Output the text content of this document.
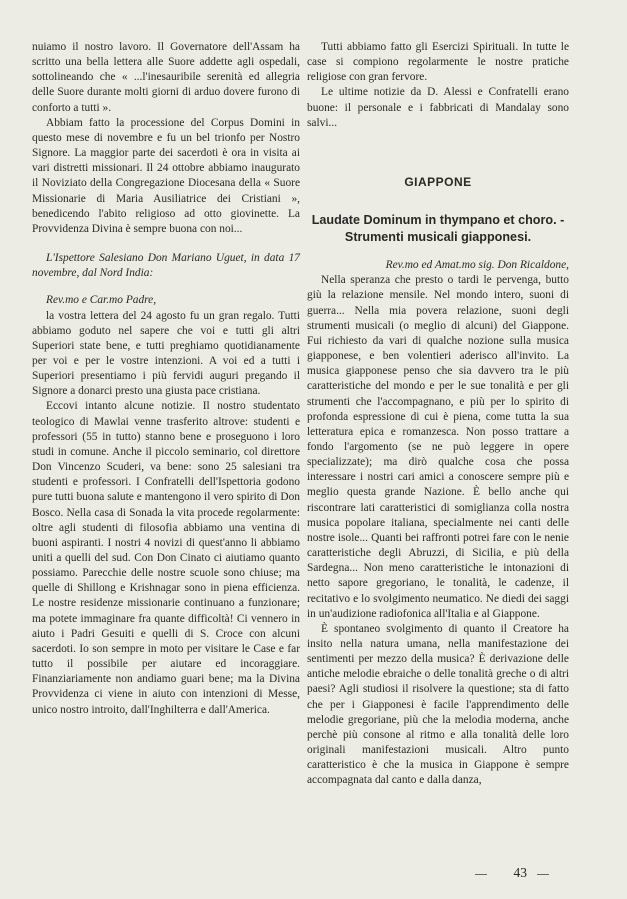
nuiamo il nostro lavoro. Il Governatore dell'Assam ha scritto una bella lettera alle Suore addette agli ospedali, sottolineando che « ...l'inesauribile serenità ed allegria delle Suore durante molti giorni di arduo dovere furono di conforto a tutti ».

Abbiam fatto la processione del Corpus Domini in questo mese di novembre e fu un bel trionfo per Nostro Signore. La maggior parte dei sacerdoti è ora in visita ai vari distretti missionari. Il 24 ottobre abbiamo inaugurato il Noviziato della Congregazione Diocesana della « Suore Missionarie di Maria Ausiliatrice dei Cristiani », benedicendo l'abito religioso ad otto giovinette. La Provvidenza Divina è sempre buona con noi...

L'Ispettore Salesiano Don Mariano Uguet, in data 17 novembre, dal Nord India:

Rev.mo e Car.mo Padre,

la vostra lettera del 24 agosto fu un gran regalo. Tutti abbiamo goduto nel sapere che voi e tutti gli altri Superiori state bene, e tutti preghiamo quotidianamente per voi e per le vostre intenzioni. A voi ed a tutti i Superiori presentiamo i più fervidi auguri pregando il Signore a donarci presto una giusta pace cristiana.

Eccovi intanto alcune notizie. Il nostro studentato teologico di Mawlai venne trasferito altrove: studenti e professori (55 in tutto) stanno bene e proseguono i loro studi in comune. Anche il piccolo seminario, col direttore Don Vincenzo Scuderi, va bene: sono 25 salesiani tra studenti e professori. I Confratelli dell'Ispettoria godono pure tutti buona salute e mantengono il vero spirito di Don Bosco. Nella casa di Sonada la vita procede regolarmente: oltre agli studenti di filosofia abbiamo una ventina di buoni aspiranti. I nostri 4 novizi di quest'anno li abbiamo uniti a quelli del sud. Con Don Cinato ci aiutiamo quanto possiamo. Parecchie delle nostre scuole sono chiuse; ma quelle di Shillong e Krishnagar sono in piena efficienza. Le nostre residenze missionarie continuano a funzionare; ma potete immaginare fra quante difficoltà! Ci vennero in aiuto i Padri Gesuiti e quelli di S. Croce con alcuni sacerdoti. Io son sempre in moto per visitare le Case e far tutto il possibile per aiutare ed incoraggiare. Finanziariamente non andiamo guari bene; ma la Divina Provvidenza ci viene in aiuto con intenzioni di Messe, unico nostro introito, dall'Inghilterra e dall'America.

Tutti abbiamo fatto gli Esercizi Spirituali. In tutte le case si compiono regolarmente le nostre pratiche religiose con gran fervore.

Le ultime notizie da D. Alessi e Confratelli erano buone: il personale e i fabbricati di Mandalay sono salvi...

GIAPPONE
Laudate Dominum in thympano et choro. - Strumenti musicali giapponesi.

Rev.mo ed Amat.mo sig. Don Ricaldone,

Nella speranza che presto o tardi le pervenga, butto giù la relazione mensile. Nel mondo intero, suoni di guerra... Nella mia povera relazione, suoni degli strumenti musicali (o meglio di alcuni) del Giappone. Fui richiesto da vari di qualche nozione sulla musica giapponese, e ben volentieri aderisco all'invito. La musica giapponese penso che sia davvero tra le più caratteristiche del mondo e per le sue tonalità e per gli strumenti che l'accompagnano, e più per lo spirito di profonda espressione di cui è piena, come tutta la sua letteratura epica e romanzesca. Non posso trattare a fondo l'argomento (se ne può leggere in opere specializzate); ma dirò qualche cosa che possa interessare i nostri cari amici a conoscere sempre più e meglio questa grande Nazione. È bello anche qui riscontrare lati caratteristici di somiglianza colla nostra musica popolare italiana, specialmente nei canti delle nostre isole... Quanti bei raffronti potrei fare con le nenie caratteristiche degli Abruzzi, di Sicilia, e più della Sardegna... Non meno caratteristiche le intonazioni di netto sapore gregoriano, le tonalità, le cadenze, il recitativo e lo svolgimento neumatico. Ne diedi dei saggi in un'audizione radiofonica all'Italia e al Giappone.

È spontaneo svolgimento di quanto il Creatore ha insito nella natura umana, nella manifestazione dei sentimenti per mezzo della musica? È derivazione delle antiche melodie ebraiche o delle tonalità greche o di altri paesi? Agli studiosi il risolvere la questione; sta di fatto che per i Giapponesi è facile l'apprendimento delle melodie gregoriane, più che la melodia moderna, anche perchè più consone al ritmo e alla tonalità delle loro originali manifestazioni musicali. Altro punto caratteristico è che la musica in Giappone è sempre accompagnata dal canto e dalla danza,

43
